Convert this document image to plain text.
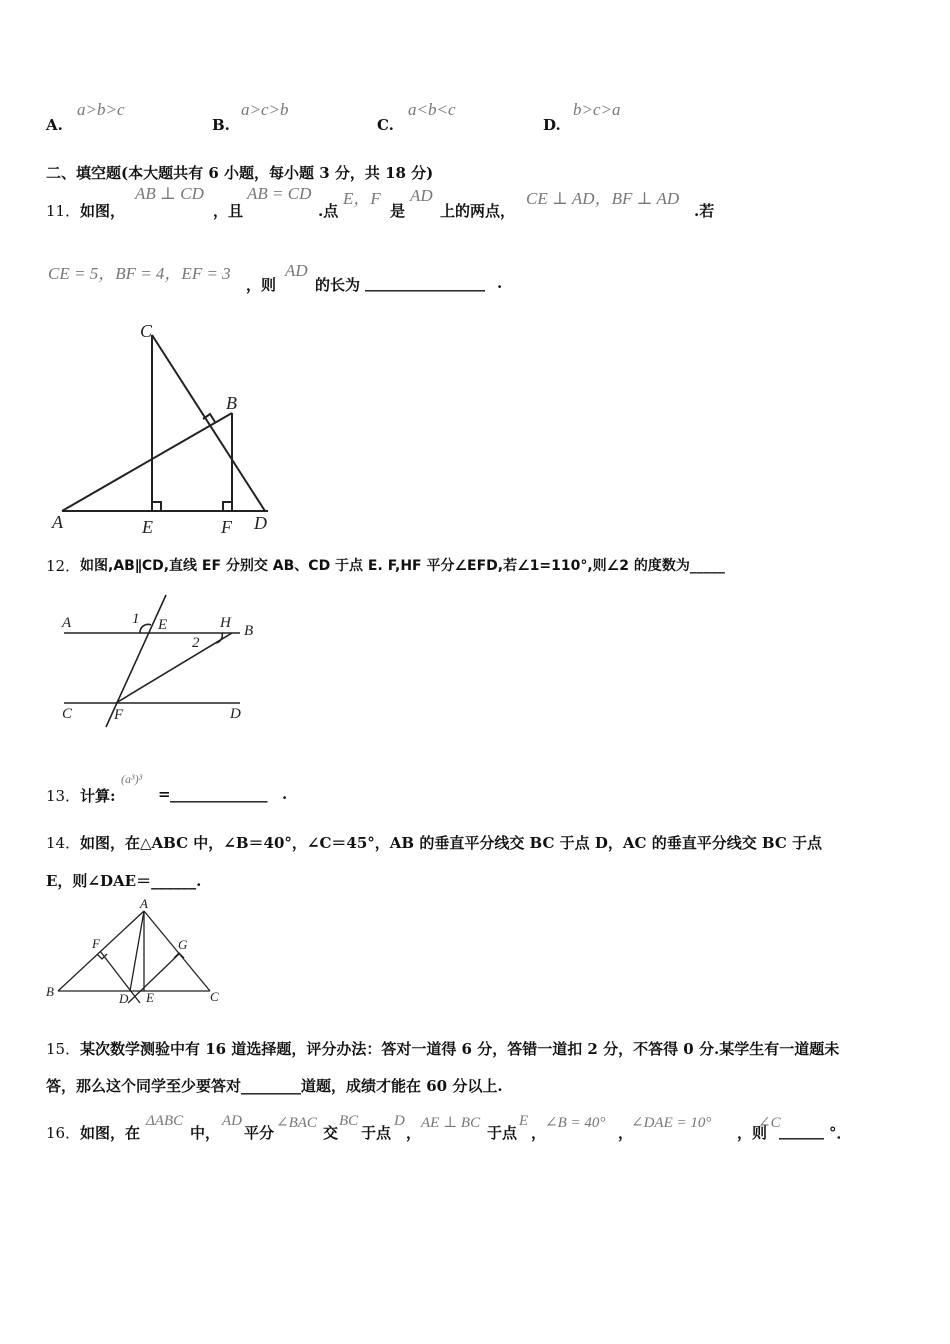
A.
a>b>c
B.
a>c>b
C.
a<b<c
D.
b>c>a
二、填空题(本大题共有 6 小题，每小题 3 分，共 18 分)
11． 如图，
AB ⊥ CD
，且
AB = CD
.点
E，F
是
AD
上的两点，
CE ⊥ AD，BF ⊥ AD
.若
CE = 5，BF = 4，EF = 3
，则
AD
的长为 ________________ .
C
B
A	E	F D
12． 如图,AB∥CD,直线 EF 分别交 AB、CD 于点 E. F,HF 平分∠EFD,若∠1=110°,则∠2 的度数为_____
A	1 E	H B
2
C	F	D
13． 计算:
(a³)³
= _____________ .
14． 如图，在△ABC 中，∠B＝40°，∠C＝45°，AB 的垂直平分线交 BC 于点 D，AC 的垂直平分线交 BC 于点
E，则∠DAE＝______.
A
F	G
B	D E	C
15． 某次数学测验中有 16 道选择题，评分办法：答对一道得 6 分，答错一道扣 2 分，不答得 0 分.某学生有一道题未
答，那么这个同学至少要答对________道题，成绩才能在 60 分以上.
16． 如图，在
ΔABC
中，
AD
平分
∠BAC
交
BC
于点
D
，
AE ⊥ BC
于点
E
，
∠B = 40°
，
∠DAE = 10°
，则
∠C
______ °．
